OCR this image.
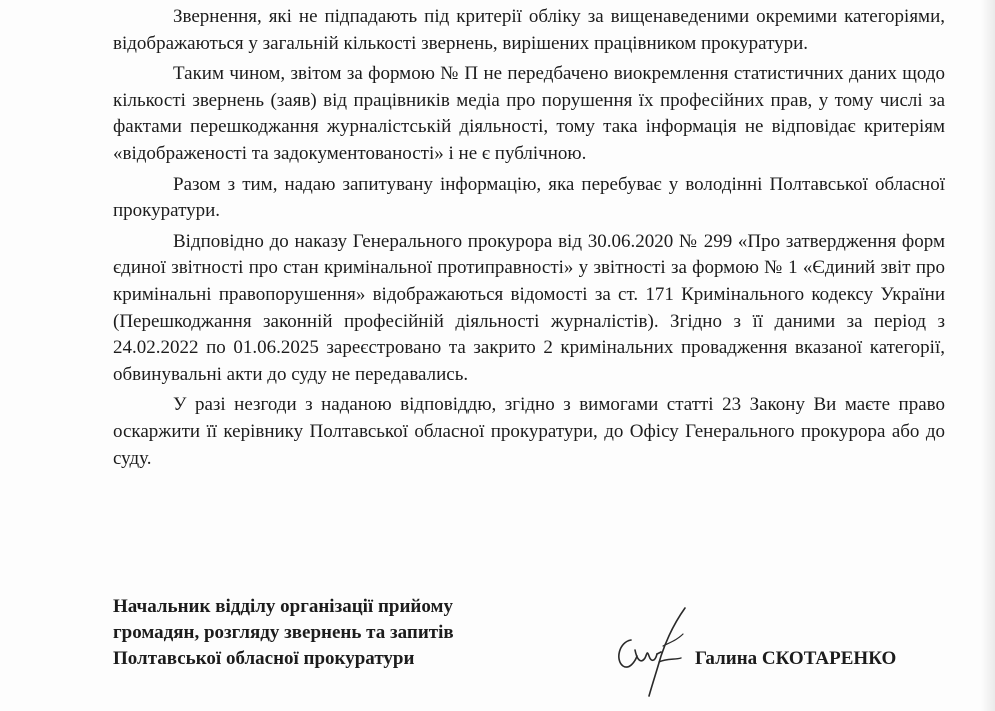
Звернення, які не підпадають під критерії обліку за вищенаведеними окремими категоріями, відображаються у загальній кількості звернень, вирішених працівником прокуратури.

Таким чином, звітом за формою № П не передбачено виокремлення статистичних даних щодо кількості звернень (заяв) від працівників медіа про порушення їх професійних прав, у тому числі за фактами перешкоджання журналістській діяльності, тому така інформація не відповідає критеріям «відображеності та задокументованості» і не є публічною.

Разом з тим, надаю запитувану інформацію, яка перебуває у володінні Полтавської обласної прокуратури.

Відповідно до наказу Генерального прокурора від 30.06.2020 № 299 «Про затвердження форм єдиної звітності про стан кримінальної протиправності» у звітності за формою № 1 «Єдиний звіт про кримінальні правопорушення» відображаються відомості за ст. 171 Кримінального кодексу України (Перешкоджання законній професійній діяльності журналістів). Згідно з її даними за період з 24.02.2022 по 01.06.2025 зареєстровано та закрито 2 кримінальних провадження вказаної категорії, обвинувальні акти до суду не передавались.

У разі незгоди з наданою відповіддю, згідно з вимогами статті 23 Закону Ви маєте право оскаржити її керівнику Полтавської обласної прокуратури, до Офісу Генерального прокурора або до суду.

Начальник відділу організації прийому
громадян, розгляду звернень та запитів
Полтавської обласної прокуратури	Галина СКОТАРЕНКО
